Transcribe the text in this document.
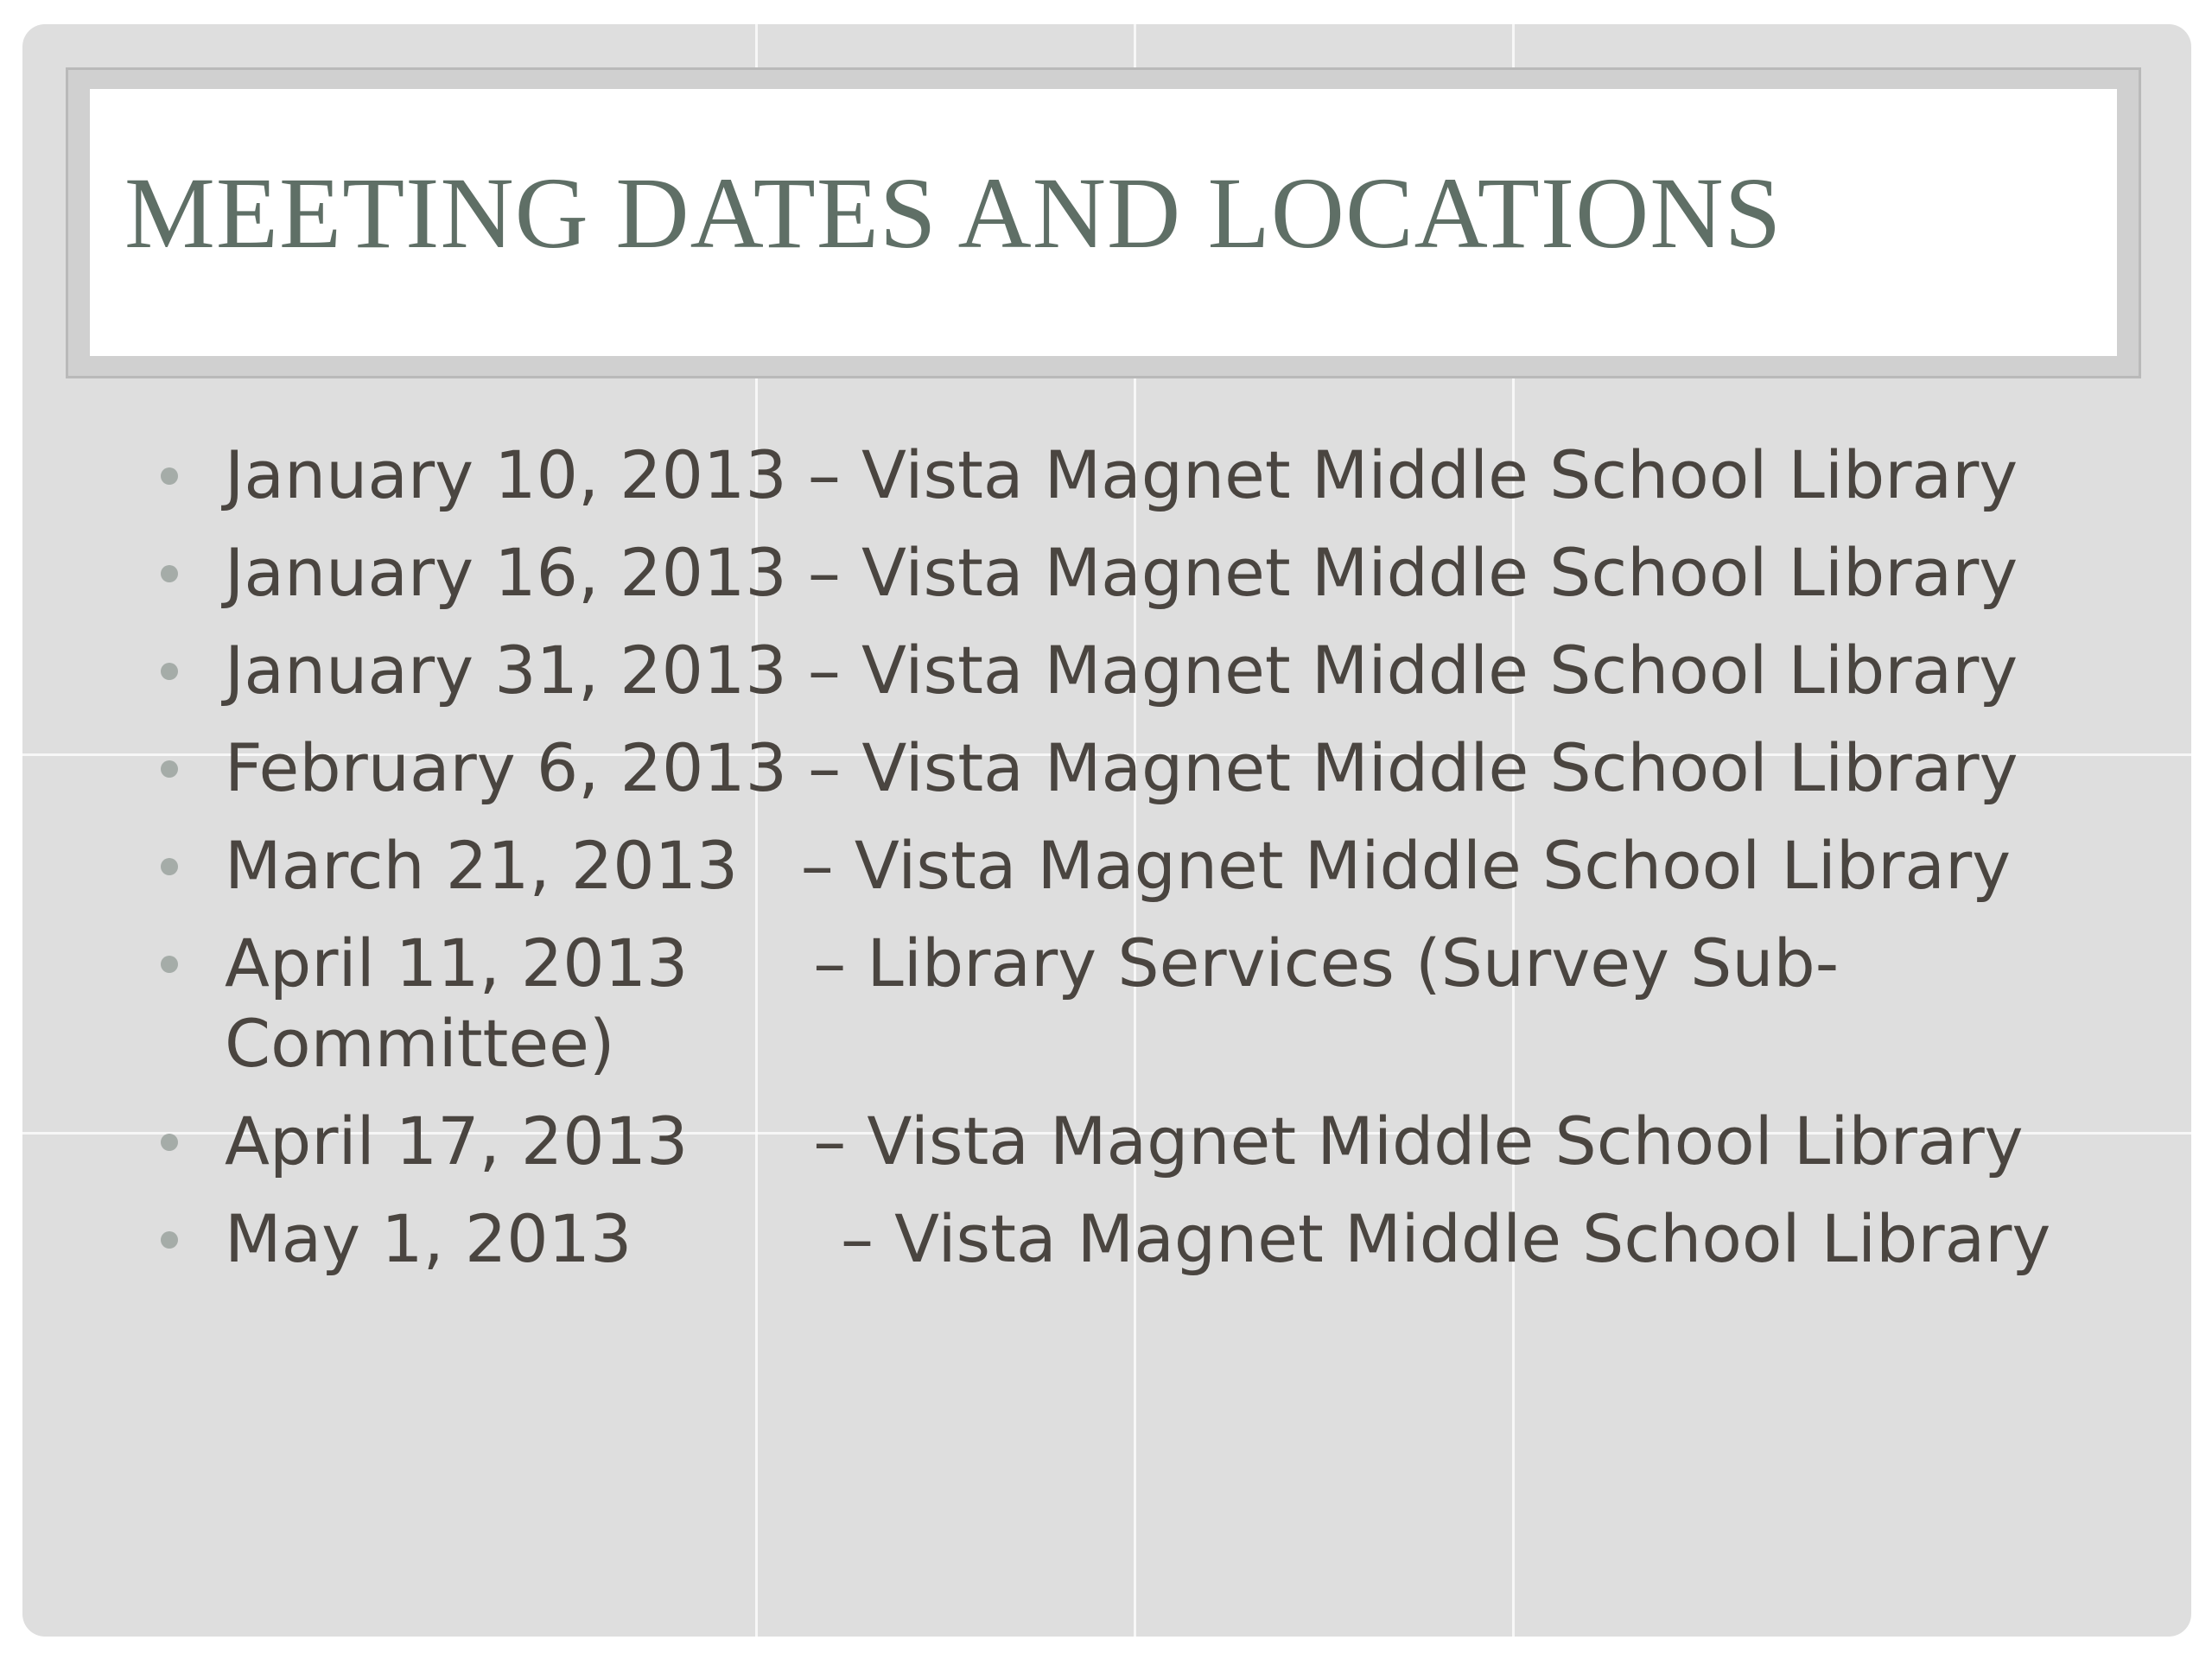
MEETING DATES AND LOCATIONS
January 10, 2013 – Vista Magnet Middle School Library
January 16, 2013 – Vista Magnet Middle School Library
January 31, 2013 – Vista Magnet Middle School Library
February 6, 2013 – Vista Magnet Middle School Library
March 21, 2013   – Vista Magnet Middle School Library
April 11, 2013      – Library Services (Survey Sub-Committee)
April 17, 2013      – Vista Magnet Middle School Library
May 1, 2013          – Vista Magnet Middle School Library
